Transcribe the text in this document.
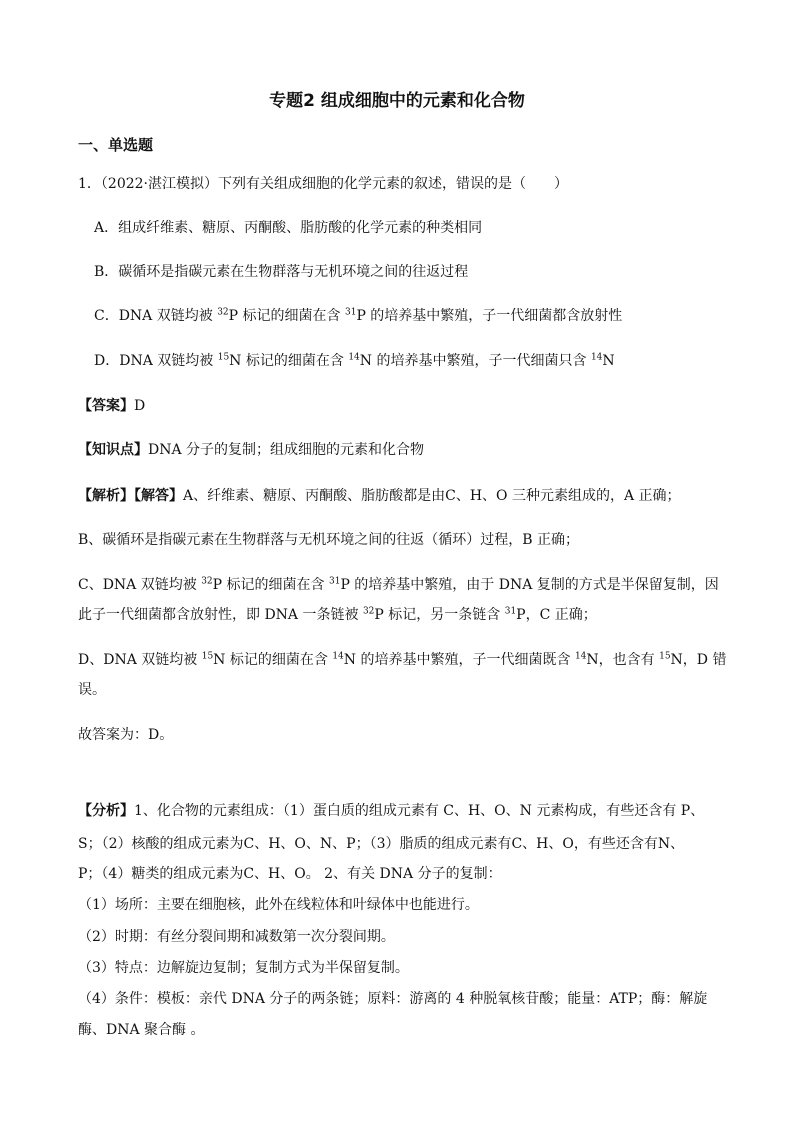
专题2 组成细胞中的元素和化合物
一、单选题
1．（2022·湛江模拟）下列有关组成细胞的化学元素的叙述，错误的是（ ）
A．组成纤维素、糖原、丙酮酸、脂肪酸的化学元素的种类相同
B．碳循环是指碳元素在生物群落与无机环境之间的往返过程
C．DNA 双链均被 $^{32}$P 标记的细菌在含 $^{31}$P 的培养基中繁殖，子一代细菌都含放射性
D．DNA 双链均被 $^{15}$N 标记的细菌在含 $^{14}$N 的培养基中繁殖，子一代细菌只含 $^{14}$N
【答案】D
【知识点】DNA 分子的复制；组成细胞的元素和化合物
【解析】【解答】A、纤维素、糖原、丙酮酸、脂肪酸都是由C、H、O 三种元素组成的，A 正确；
B、碳循环是指碳元素在生物群落与无机环境之间的往返（循环）过程，B 正确；
C、DNA 双链均被 $^{32}$P 标记的细菌在含 $^{31}$P 的培养基中繁殖，由于 DNA 复制的方式是半保留复制，因
此子一代细菌都含放射性，即 DNA 一条链被 $^{32}$P 标记，另一条链含 $^{31}$P，C 正确；
D、DNA 双链均被 $^{15}$N 标记的细菌在含 $^{14}$N 的培养基中繁殖，子一代细菌既含 $^{14}$N，也含有 $^{15}$N，D 错
误。
故答案为：D。
【分析】1、化合物的元素组成：（1）蛋白质的组成元素有 C、H、O、N 元素构成，有些还含有 P、
S；（2）核酸的组成元素为C、H、O、N、P；（3）脂质的组成元素有C、H、O，有些还含有N、
P；（4）糖类的组成元素为C、H、O。 2、有关 DNA 分子的复制：
（1）场所：主要在细胞核，此外在线粒体和叶绿体中也能进行。
（2）时期：有丝分裂间期和减数第一次分裂间期。
（3）特点：边解旋边复制；复制方式为半保留复制。
（4）条件：模板：亲代 DNA 分子的两条链；原料：游离的 4 种脱氧核苷酸；能量：ATP；酶：解旋
酶、DNA 聚合酶 。
